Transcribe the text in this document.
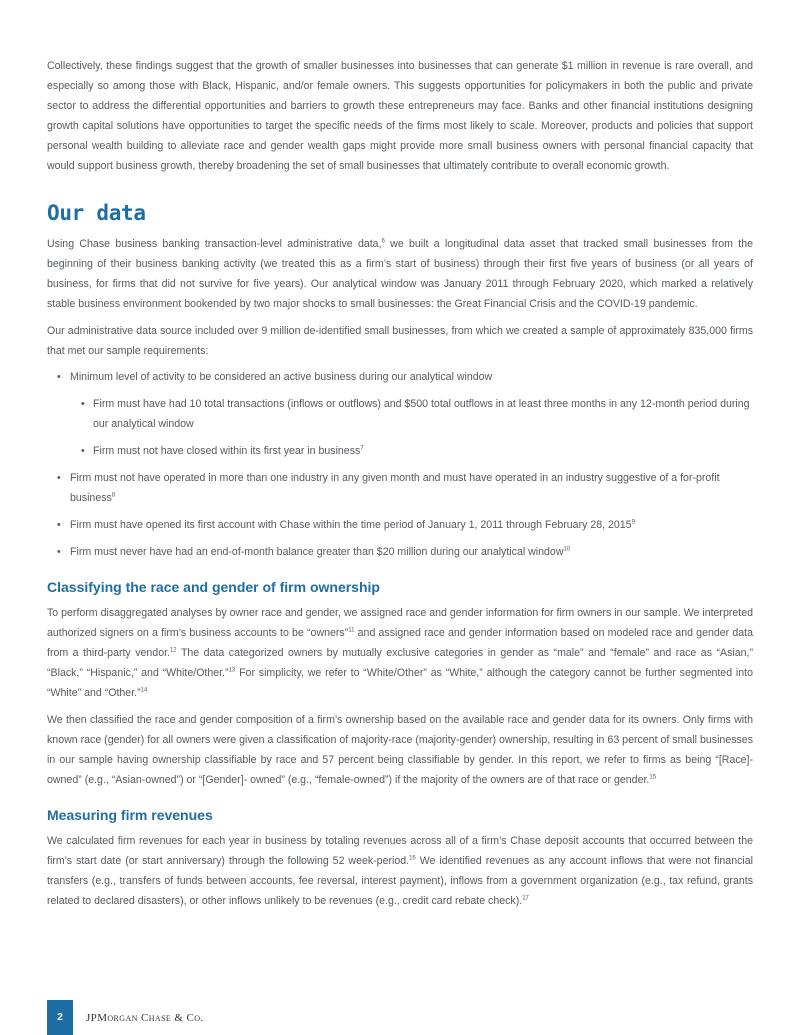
Collectively, these findings suggest that the growth of smaller businesses into businesses that can generate $1 million in revenue is rare overall, and especially so among those with Black, Hispanic, and/or female owners. This suggests opportunities for policymakers in both the public and private sector to address the differential opportunities and barriers to growth these entrepreneurs may face. Banks and other financial institutions designing growth capital solutions have opportunities to target the specific needs of the firms most likely to scale. Moreover, products and policies that support personal wealth building to alleviate race and gender wealth gaps might provide more small business owners with personal financial capacity that would support business growth, thereby broadening the set of small businesses that ultimately contribute to overall economic growth.

Our data

Using Chase business banking transaction-level administrative data,$^6$ we built a longitudinal data asset that tracked small businesses from the beginning of their business banking activity (we treated this as a firm’s start of business) through their first five years of business (or all years of business, for firms that did not survive for five years). Our analytical window was January 2011 through February 2020, which marked a relatively stable business environment bookended by two major shocks to small businesses: the Great Financial Crisis and the COVID-19 pandemic.

Our administrative data source included over 9 million de-identified small businesses, from which we created a sample of approximately 835,000 firms that met our sample requirements:

• Minimum level of activity to be considered an active business during our analytical window
• Firm must have had 10 total transactions (inflows or outflows) and $500 total outflows in at least three months in any 12-month period during our analytical window
• Firm must not have closed within its first year in business$^7$
• Firm must not have operated in more than one industry in any given month and must have operated in an industry suggestive of a for-profit business$^8$
• Firm must have opened its first account with Chase within the time period of January 1, 2011 through February 28, 2015$^9$
• Firm must never have had an end-of-month balance greater than $20 million during our analytical window$^{10}$
Classifying the race and gender of firm ownership

To perform disaggregated analyses by owner race and gender, we assigned race and gender information for firm owners in our sample. We interpreted authorized signers on a firm’s business accounts to be “owners”$^{11}$ and assigned race and gender information based on modeled race and gender data from a third-party vendor.$^{12}$ The data categorized owners by mutually exclusive categories in gender as “male” and “female” and race as “Asian,” “Black,” “Hispanic,” and “White/Other.”$^{13}$ For simplicity, we refer to “White/Other” as “White,” although the category cannot be further segmented into “White” and “Other.”$^{14}$

We then classified the race and gender composition of a firm’s ownership based on the available race and gender data for its owners. Only firms with known race (gender) for all owners were given a classification of majority-race (majority-gender) ownership, resulting in 63 percent of small businesses in our sample having ownership classifiable by race and 57 percent being classifiable by gender. In this report, we refer to firms as being “[Race]-owned” (e.g., “Asian-owned”) or “[Gender]- owned” (e.g., “female-owned”) if the majority of the owners are of that race or gender.$^{15}$

Measuring firm revenues

We calculated firm revenues for each year in business by totaling revenues across all of a firm’s Chase deposit accounts that occurred between the firm’s start date (or start anniversary) through the following 52 week-period.$^{16}$ We identified revenues as any account inflows that were not financial transfers (e.g., transfers of funds between accounts, fee reversal, interest payment), inflows from a government organization (e.g., tax refund, grants related to declared disasters), or other inflows unlikely to be revenues (e.g., credit card rebate check).$^{17}$

2	JPMorgan Chase & Co.
